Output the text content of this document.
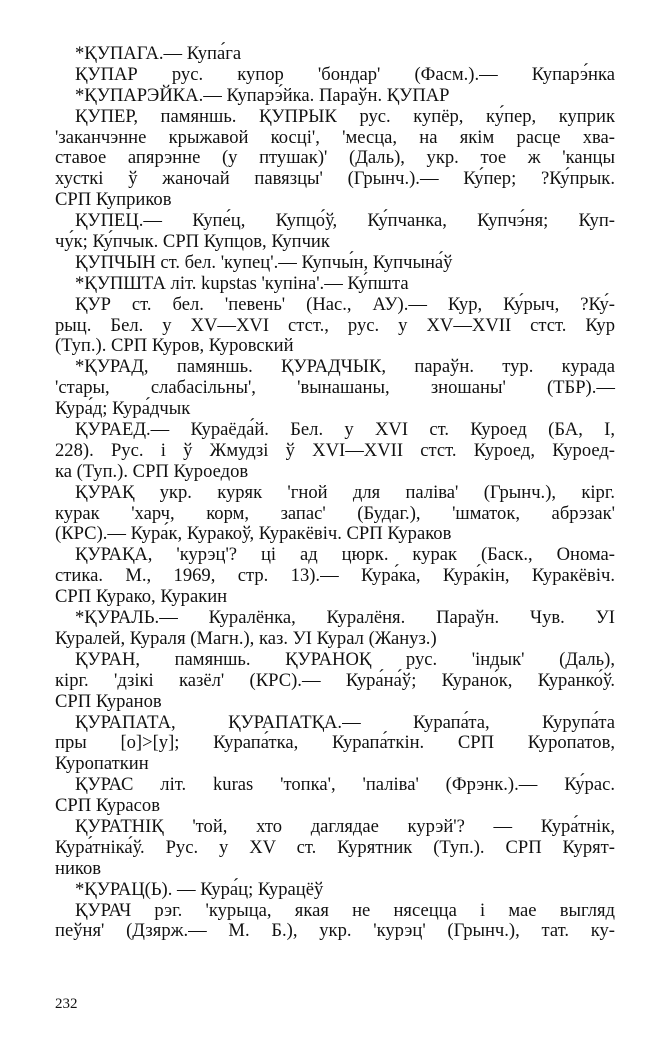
*ҚУПАГА.— Купа́га
ҚУПАР рус. купор 'бондар' (Фасм.).— Купарэ́нка
*ҚУПАРЭЙКА.— Купарэ́йка. Параўн. ҚУПАР
ҚУПЕР, памяншь. ҚУПРЫК рус. купёр, ку́пер, куприк
'заканчэнне крыжавой косці', 'месца, на якім расце хва-
ставое апярэнне (у птушак)' (Даль), укр. тое ж 'канцы
хусткі ў жаночай павязцы' (Грынч.).— Ку́пер; ?Ку́прык.
СРП Куприков
ҚУПЕЦ.— Купе́ц, Купцо́ў, Ку́пчанка, Купчэ́ня; Куп-
чу́к; Ку́пчык. СРП Купцов, Купчик
ҚУПЧЫН ст. бел. 'купец'.— Купчы́н, Купчына́ў
*ҚУПШТА літ. kupstas 'купіна'.— Ку́пшта
ҚУР ст. бел. 'певень' (Нас., АУ).— Кур, Ку́рыч, ?Ку́-
рыц. Бел. у XV—XVI стст., рус. у XV—XVII стст. Кур
(Туп.). СРП Куров, Куровский
*ҚУРАД, памяншь. ҚУРАДЧЫК, параўн. тур. курада
'стары, слабасільны', 'вынашаны, зношаны' (ТБР).—
Кура́д; Кура́дчык
ҚУРАЕД.— Кураёда́й. Бел. у XVI ст. Куроед (БА, I,
228). Рус. і ў Жмудзі ў XVI—XVII стст. Куроед, Куроед-
ка (Туп.). СРП Куроедов
ҚУРАҚ укр. куряк 'гной для паліва' (Грынч.), кірг.
курак 'харч, корм, запас' (Будаг.), 'шматок, абрэзак'
(КРС).— Кура́к, Куракоў, Куракёвіч. СРП Кураков
ҚУРАҚА, 'курэц'? ці ад цюрк. курак (Баск., Онома-
стика. М., 1969, стр. 13).— Кура́ка, Кура́кін, Куракёвіч.
СРП Курако, Куракин
*ҚУРАЛЬ.— Куралёнка, Куралёня. Параўн. Чув. УІ
Куралей, Кураля (Магн.), каз. УІ Курал (Жануз.)
ҚУРАН, памяншь. ҚУРАНОҚ рус. 'індык' (Даль),
кірг. 'дзікі казёл' (КРС).— Кура́на́ў; Курано́к, Куранко́ў.
СРП Куранов
ҚУРАПАТА, ҚУРАПАТҚА.— Курапа́та, Курупа́та
пры [о]>[у]; Курапа́тка, Курапа́ткін. СРП Куропатов,
Куропаткин
ҚУРАС літ. kuras 'топка', 'паліва' (Фрэнк.).— Ку́рас.
СРП Курасов
ҚУРАТНІҚ 'той, хто даглядае курэй'? — Кура́тнік,
Кура́тніка́ў. Рус. у XV ст. Курятник (Туп.). СРП Курят-
ников
*ҚУРАЦ(Ь). — Кура́ц; Курацёў
ҚУРАЧ рэг. 'курыца, якая не нясецца і мае выгляд
пеўня' (Дзярж.— М. Б.), укр. 'курэц' (Грынч.), тат. ку-
232
